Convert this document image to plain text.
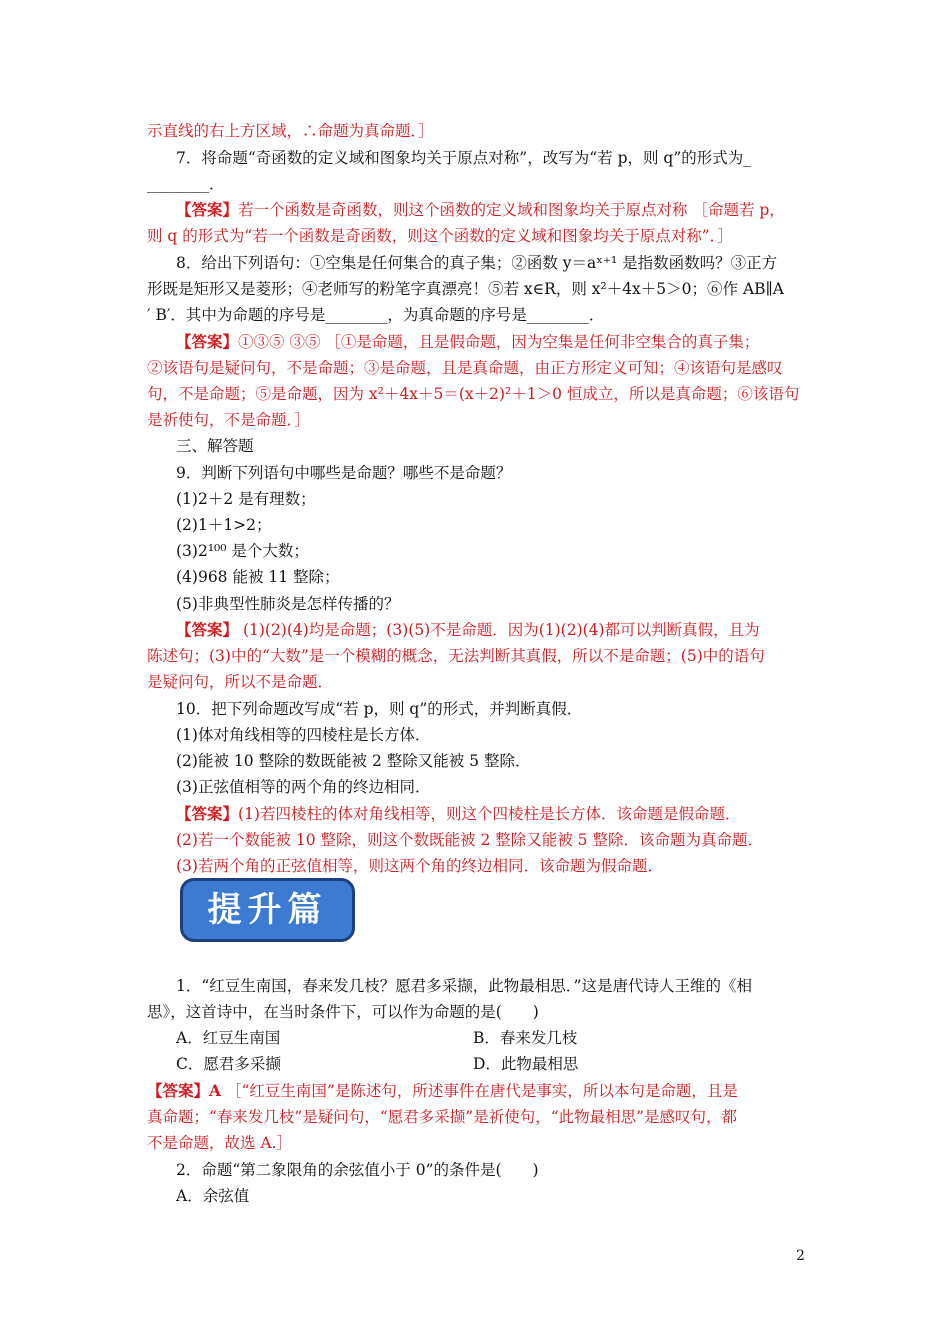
示直线的右上方区域，∴命题为真命题．］
7．将命题“奇函数的定义域和图象均关于原点对称”，改写为“若 p，则 q”的形式为_
________．
【答案】若一个函数是奇函数，则这个函数的定义域和图象均关于原点对称 ［命题若 p，
则 q 的形式为“若一个函数是奇函数，则这个函数的定义域和图象均关于原点对称”．］
8．给出下列语句：①空集是任何集合的真子集；②函数 y＝aˣ⁺¹ 是指数函数吗？③正方
形既是矩形又是菱形；④老师写的粉笔字真漂亮！⑤若 x∈R，则 x²＋4x＋5＞0；⑥作 AB∥A
′ B′．其中为命题的序号是________，为真命题的序号是________．
【答案】①③⑤ ③⑤ ［①是命题，且是假命题，因为空集是任何非空集合的真子集；
②该语句是疑问句，不是命题；③是命题，且是真命题，由正方形定义可知；④该语句是感叹
句，不是命题；⑤是命题，因为 x²＋4x＋5＝(x＋2)²＋1＞0 恒成立，所以是真命题；⑥该语句
是祈使句，不是命题．］
三、解答题
9．判断下列语句中哪些是命题？哪些不是命题？
(1)2＋2 是有理数；
(2)1＋1>2；
(3)2¹⁰⁰ 是个大数；
(4)968 能被 11 整除；
(5)非典型性肺炎是怎样传播的？
【答案】 (1)(2)(4)均是命题；(3)(5)不是命题．因为(1)(2)(4)都可以判断真假，且为
陈述句；(3)中的“大数”是一个模糊的概念，无法判断其真假，所以不是命题；(5)中的语句
是疑问句，所以不是命题．
10．把下列命题改写成“若 p，则 q”的形式，并判断真假．
(1)体对角线相等的四棱柱是长方体．
(2)能被 10 整除的数既能被 2 整除又能被 5 整除．
(3)正弦值相等的两个角的终边相同．
【答案】(1)若四棱柱的体对角线相等，则这个四棱柱是长方体．该命题是假命题．
(2)若一个数能被 10 整除，则这个数既能被 2 整除又能被 5 整除．该命题为真命题．
(3)若两个角的正弦值相等，则这两个角的终边相同．该命题为假命题．
提升篇
1．“红豆生南国，春来发几枝？愿君多采撷，此物最相思．”这是唐代诗人王维的《相
思》，这首诗中，在当时条件下，可以作为命题的是(　　)
A．红豆生南国	B．春来发几枝
C．愿君多采撷	D．此物最相思
【答案】A ［“红豆生南国”是陈述句，所述事件在唐代是事实，所以本句是命题，且是
真命题；“春来发几枝”是疑问句，“愿君多采撷”是祈使句，“此物最相思”是感叹句，都
不是命题，故选 A.］
2．命题“第二象限角的余弦值小于 0”的条件是(　　)
A．余弦值
2
